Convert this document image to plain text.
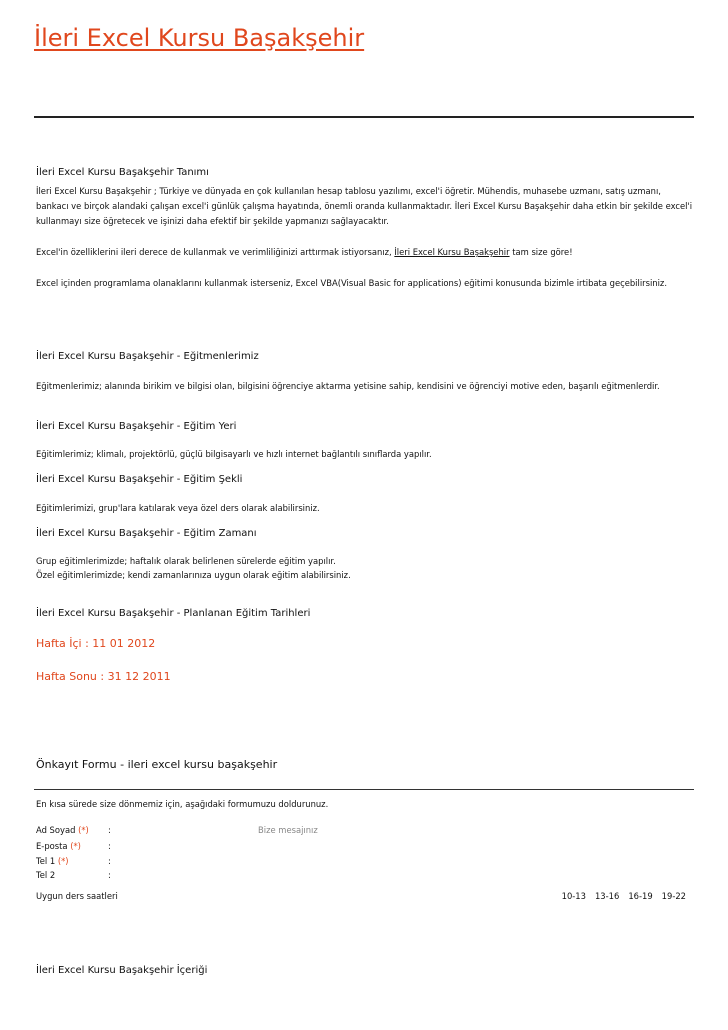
İleri Excel Kursu Başakşehir
İleri Excel Kursu Başakşehir Tanımı
İleri Excel Kursu Başakşehir ; Türkiye ve dünyada en çok kullanılan hesap tablosu yazılımı, excel'i öğretir. Mühendis, muhasebe uzmanı, satış uzmanı, bankacı ve birçok alandaki çalışan excel'i günlük çalışma hayatında, önemli oranda kullanmaktadır. İleri Excel Kursu Başakşehir daha etkin bir şekilde excel'i kullanmayı size öğretecek ve işinizi daha efektif bir şekilde yapmanızı sağlayacaktır.
Excel'in özelliklerini ileri derece de kullanmak ve verimliliğinizi arttırmak istiyorsanız, İleri Excel Kursu Başakşehir tam size göre!
Excel içinden programlama olanaklarını kullanmak isterseniz, Excel VBA(Visual Basic for applications) eğitimi konusunda bizimle irtibata geçebilirsiniz.
İleri Excel Kursu Başakşehir - Eğitmenlerimiz
Eğitmenlerimiz; alanında birikim ve bilgisi olan, bilgisini öğrenciye aktarma yetisine sahip, kendisini ve öğrenciyi motive eden, başarılı eğitmenlerdir.
İleri Excel Kursu Başakşehir - Eğitim Yeri
Eğitimlerimiz; klimalı, projektörlü, güçlü bilgisayarlı ve hızlı internet bağlantılı sınıflarda yapılır.
İleri Excel Kursu Başakşehir - Eğitim Şekli
Eğitimlerimizi, grup'lara katılarak veya özel ders olarak alabilirsiniz.
İleri Excel Kursu Başakşehir - Eğitim Zamanı
Grup eğitimlerimizde; haftalık olarak belirlenen sürelerde eğitim yapılır.
Özel eğitimlerimizde; kendi zamanlarınıza uygun olarak eğitim alabilirsiniz.
İleri Excel Kursu Başakşehir - Planlanan Eğitim Tarihleri
Hafta İçi : 11 01 2012
Hafta Sonu : 31 12 2011
Önkayıt Formu - ileri excel kursu başakşehir
En kısa sürede size dönmemiz için, aşağıdaki formumuzu doldurunuz.
Ad Soyad (*) :	Bize mesajınız
E-posta (*)	:
Tel 1 (*)	:
Tel 2	:
Uygun ders saatleri	10-13 13-16 16-19 19-22
İleri Excel Kursu Başakşehir İçeriği
